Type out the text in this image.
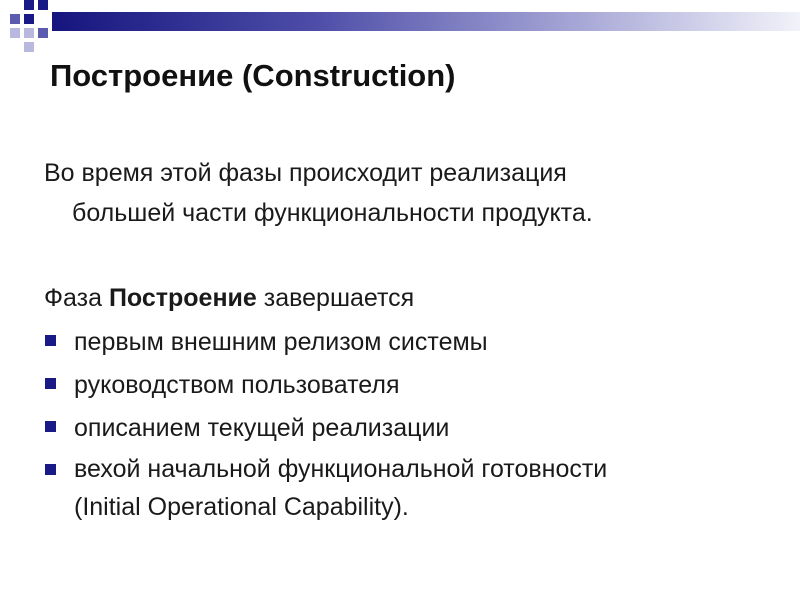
Построение (Construction)
Во время этой фазы происходит реализация
большей части функциональности продукта.
Фаза Построение завершается
первым внешним релизом системы
руководством пользователя
описанием текущей реализации
вехой начальной функциональной готовности
(Initial Operational Capability).
